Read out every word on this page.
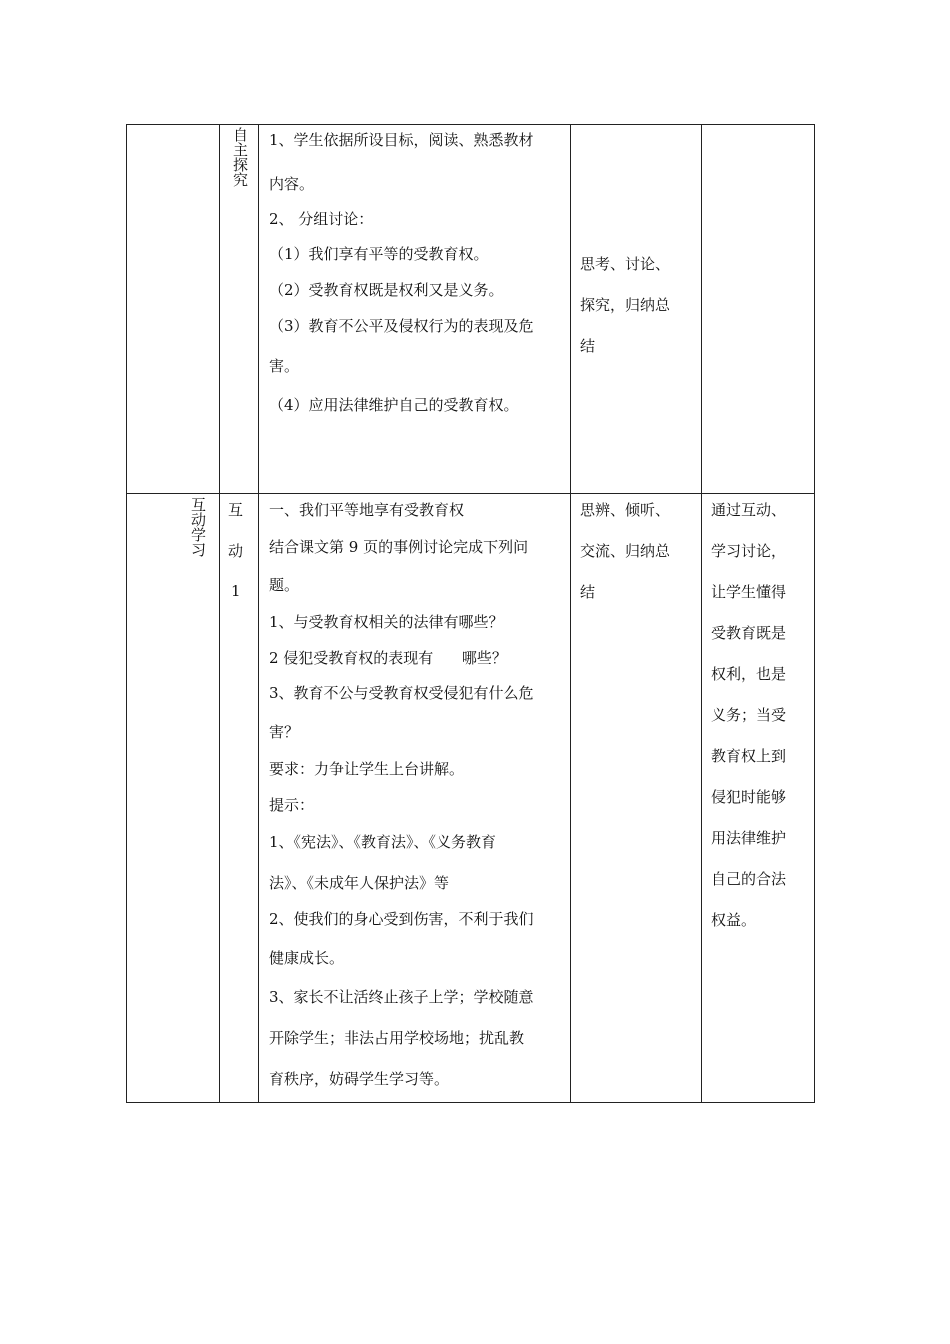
自主探究 1、学生依据所设目标，阅读、熟悉教材
内容。
2、 分组讨论：
（1）我们享有平等的受教育权。
（2）受教育权既是权利又是义务。
（3）教育不公平及侵权行为的表现及危
害。
（4）应用法律维护自己的受教育权。
思考、讨论、
探究，归纳总
结
互动学习 互
动
1
一、我们平等地享有受教育权
结合课文第 9 页的事例讨论完成下列问
题。
1、与受教育权相关的法律有哪些？
2 侵犯受教育权的表现有      哪些？
3、教育不公与受教育权受侵犯有什么危
害？
要求：力争让学生上台讲解。
提示：
1、《宪法》、《教育法》、《义务教育
法》、《未成年人保护法》等
2、使我们的身心受到伤害，不利于我们
健康成长。
3、家长不让活终止孩子上学；学校随意
开除学生；非法占用学校场地；扰乱教
育秩序，妨碍学生学习等。
思辨、倾听、
交流、归纳总
结
通过互动、
学习讨论，
让学生懂得
受教育既是
权利，也是
义务；当受
教育权上到
侵犯时能够
用法律维护
自己的合法
权益。
